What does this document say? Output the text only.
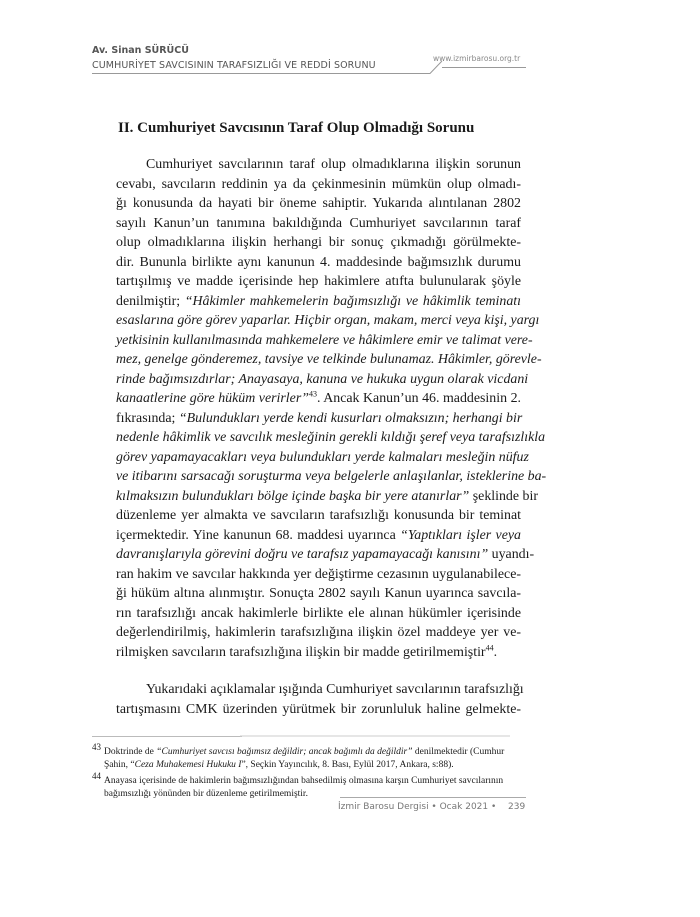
Av. Sinan SÜRÜCÜ
CUMHURİYET SAVCISININ TARAFSIZLIĞI VE REDDİ SORUNU
www.izmirbarosu.org.tr
II. Cumhuriyet Savcısının Taraf Olup Olmadığı Sorunu
Cumhuriyet savcılarının taraf olup olmadıklarına ilişkin sorunun
cevabı, savcıların reddinin ya da çekinmesinin mümkün olup olmadı-
ğı konusunda da hayati bir öneme sahiptir. Yukarıda alıntılanan 2802
sayılı Kanun’un tanımına bakıldığında Cumhuriyet savcılarının taraf
olup olmadıklarına ilişkin herhangi bir sonuç çıkmadığı görülmekte-
dir. Bununla birlikte aynı kanunun 4. maddesinde bağımsızlık durumu
tartışılmış ve madde içerisinde hep hakimlere atıfta bulunularak şöyle
denilmiştir; “Hâkimler mahkemelerin bağımsızlığı ve hâkimlik teminatı
esaslarına göre görev yaparlar. Hiçbir organ, makam, merci veya kişi, yargı
yetkisinin kullanılmasında mahkemelere ve hâkimlere emir ve talimat vere-
mez, genelge gönderemez, tavsiye ve telkinde bulunamaz. Hâkimler, görevle-
rinde bağımsızdırlar; Anayasaya, kanuna ve hukuka uygun olarak vicdani
kanaatlerine göre hüküm verirler”$^{43}$. Ancak Kanun’un 46. maddesinin 2.
fıkrasında; “Bulundukları yerde kendi kusurları olmaksızın; herhangi bir
nedenle hâkimlik ve savcılık mesleğinin gerekli kıldığı şeref veya tarafsızlıkla
görev yapamayacakları veya bulundukları yerde kalmaları mesleğin nüfuz
ve itibarını sarsacağı soruşturma veya belgelerle anlaşılanlar, isteklerine ba-
kılmaksızın bulundukları bölge içinde başka bir yere atanırlar” şeklinde bir
düzenleme yer almakta ve savcıların tarafsızlığı konusunda bir teminat
içermektedir. Yine kanunun 68. maddesi uyarınca “Yaptıkları işler veya
davranışlarıyla görevini doğru ve tarafsız yapamayacağı kanısını” uyandı-
ran hakim ve savcılar hakkında yer değiştirme cezasının uygulanabilece-
ği hüküm altına alınmıştır. Sonuçta 2802 sayılı Kanun uyarınca savcıla-
rın tarafsızlığı ancak hakimlerle birlikte ele alınan hükümler içerisinde
değerlendirilmiş, hakimlerin tarafsızlığına ilişkin özel maddeye yer ve-
rilmişken savcıların tarafsızlığına ilişkin bir madde getirilmemiştir$^{44}$.
Yukarıdaki açıklamalar ışığında Cumhuriyet savcılarının tarafsızlığı
tartışmasını CMK üzerinden yürütmek bir zorunluluk haline gelmekte-
43Doktrinde de “Cumhuriyet savcısı bağımsız değildir; ancak bağımlı da değildir” denilmektedir (Cumhur
Şahin, “Ceza Muhakemesi Hukuku I”, Seçkin Yayıncılık, 8. Bası, Eylül 2017, Ankara, s:88).
44Anayasa içerisinde de hakimlerin bağımsızlığından bahsedilmiş olmasına karşın Cumhuriyet savcılarının
bağımsızlığı yönünden bir düzenleme getirilmemiştir.
İzmir Barosu Dergisi • Ocak 2021 • 239
